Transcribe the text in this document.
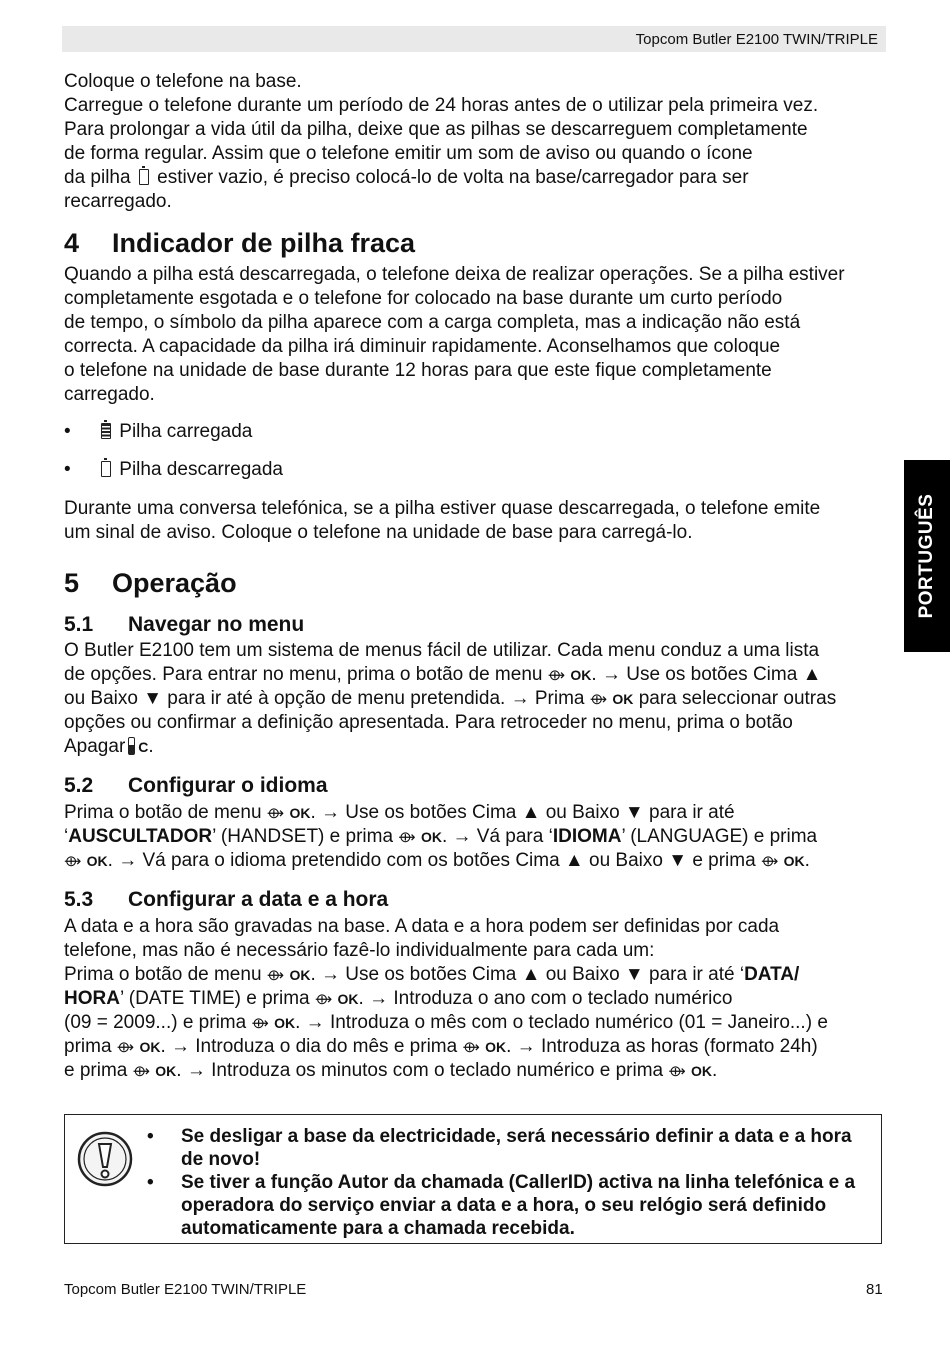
Topcom Butler E2100 TWIN/TRIPLE
PORTUGUÊS
Coloque o telefone na base.
Carregue o telefone durante um período de 24 horas antes de o utilizar pela primeira vez.
Para prolongar a vida útil da pilha, deixe que as pilhas se descarreguem completamente
de forma regular. Assim que o telefone emitir um som de aviso ou quando o ícone
da pilha estiver vazio, é preciso colocá-lo de volta na base/carregador para ser
recarregado.
4 Indicador de pilha fraca
Quando a pilha está descarregada, o telefone deixa de realizar operações. Se a pilha estiver
completamente esgotada e o telefone for colocado na base durante um curto período
de tempo, o símbolo da pilha aparece com a carga completa, mas a indicação não está
correcta. A capacidade da pilha irá diminuir rapidamente. Aconselhamos que coloque
o telefone na unidade de base durante 12 horas para que este fique completamente
carregado.
•	Pilha carregada
•	Pilha descarregada
Durante uma conversa telefónica, se a pilha estiver quase descarregada, o telefone emite
um sinal de aviso. Coloque o telefone na unidade de base para carregá-lo.
5 Operação
5.1 Navegar no menu
O Butler E2100 tem um sistema de menus fácil de utilizar. Cada menu conduz a uma lista
de opções. Para entrar no menu, prima o botão de menu ⟴ OK. → Use os botões Cima ▲
ou Baixo ▼ para ir até à opção de menu pretendida. → Prima ⟴ OK para seleccionar outras
opções ou confirmar a definição apresentada. Para retroceder no menu, prima o botão
Apagar C.
5.2 Configurar o idioma
Prima o botão de menu ⟴ OK. → Use os botões Cima ▲ ou Baixo ▼ para ir até
‘AUSCULTADOR’ (HANDSET) e prima ⟴ OK. → Vá para ‘IDIOMA’ (LANGUAGE) e prima
⟴ OK. → Vá para o idioma pretendido com os botões Cima ▲ ou Baixo ▼ e prima ⟴ OK.
5.3 Configurar a data e a hora
A data e a hora são gravadas na base. A data e a hora podem ser definidas por cada
telefone, mas não é necessário fazê-lo individualmente para cada um:
Prima o botão de menu ⟴ OK. → Use os botões Cima ▲ ou Baixo ▼ para ir até ‘DATA/
HORA’ (DATE TIME) e prima ⟴ OK. → Introduza o ano com o teclado numérico
(09 = 2009...) e prima ⟴ OK. → Introduza o mês com o teclado numérico (01 = Janeiro...) e
prima ⟴ OK. → Introduza o dia do mês e prima ⟴ OK. → Introduza as horas (formato 24h)
e prima ⟴ OK. → Introduza os minutos com o teclado numérico e prima ⟴ OK.
• Se desligar a base da electricidade, será necessário definir a data e a hora de novo!
• Se tiver a função Autor da chamada (CallerID) activa na linha telefónica e a operadora do serviço enviar a data e a hora, o seu relógio será definido automaticamente para a chamada recebida.
Topcom Butler E2100 TWIN/TRIPLE	81
